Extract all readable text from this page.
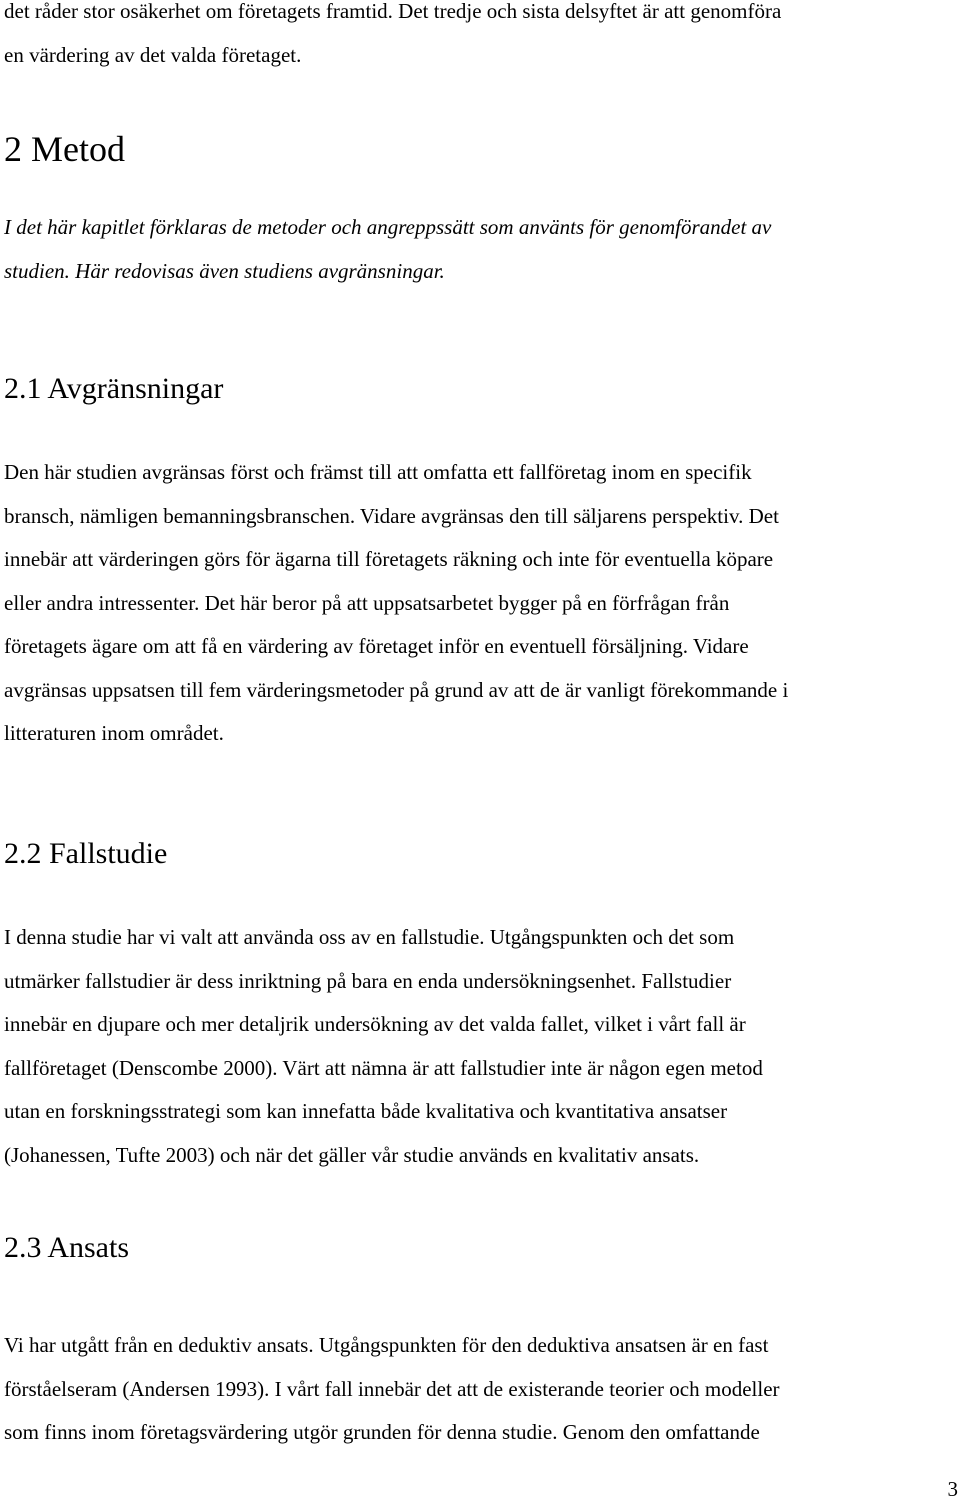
det råder stor osäkerhet om företagets framtid. Det tredje och sista delsyftet är att genomföra
en värdering av det valda företaget.
2 Metod
I det här kapitlet förklaras de metoder och angreppssätt som använts för genomförandet av
studien. Här redovisas även studiens avgränsningar.
2.1 Avgränsningar
Den här studien avgränsas först och främst till att omfatta ett fallföretag inom en specifik
bransch, nämligen bemanningsbranschen. Vidare avgränsas den till säljarens perspektiv. Det
innebär att värderingen görs för ägarna till företagets räkning och inte för eventuella köpare
eller andra intressenter. Det här beror på att uppsatsarbetet bygger på en förfrågan från
företagets ägare om att få en värdering av företaget inför en eventuell försäljning. Vidare
avgränsas uppsatsen till fem värderingsmetoder på grund av att de är vanligt förekommande i
litteraturen inom området.
2.2 Fallstudie
I denna studie har vi valt att använda oss av en fallstudie. Utgångspunkten och det som
utmärker fallstudier är dess inriktning på bara en enda undersökningsenhet. Fallstudier
innebär en djupare och mer detaljrik undersökning av det valda fallet, vilket i vårt fall är
fallföretaget (Denscombe 2000). Värt att nämna är att fallstudier inte är någon egen metod
utan en forskningsstrategi som kan innefatta både kvalitativa och kvantitativa ansatser
(Johanessen, Tufte 2003) och när det gäller vår studie används en kvalitativ ansats.
2.3 Ansats
Vi har utgått från en deduktiv ansats. Utgångspunkten för den deduktiva ansatsen är en fast
förståelseram (Andersen 1993). I vårt fall innebär det att de existerande teorier och modeller
som finns inom företagsvärdering utgör grunden för denna studie. Genom den omfattande
3
